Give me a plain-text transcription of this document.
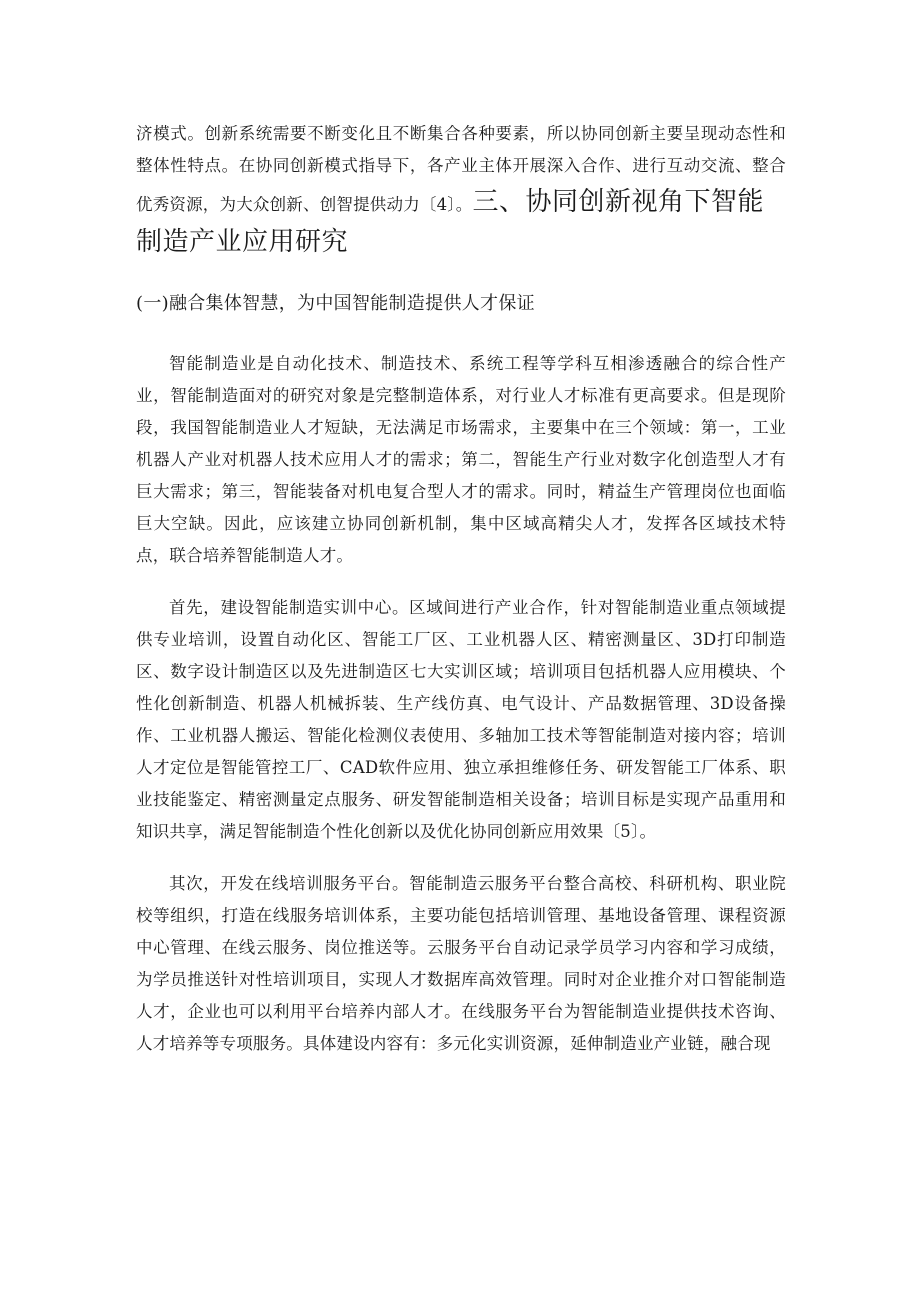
济模式。创新系统需要不断变化且不断集合各种要素，所以协同创新主要呈现动态性和整体性特点。在协同创新模式指导下，各产业主体开展深入合作、进行互动交流、整合优秀资源，为大众创新、创智提供动力〔4〕。三、协同创新视角下智能

制造产业应用研究

(一)融合集体智慧，为中国智能制造提供人才保证

智能制造业是自动化技术、制造技术、系统工程等学科互相渗透融合的综合性产业，智能制造面对的研究对象是完整制造体系，对行业人才标准有更高要求。但是现阶段，我国智能制造业人才短缺，无法满足市场需求，主要集中在三个领域：第一，工业机器人产业对机器人技术应用人才的需求；第二，智能生产行业对数字化创造型人才有巨大需求；第三，智能装备对机电复合型人才的需求。同时，精益生产管理岗位也面临巨大空缺。因此，应该建立协同创新机制，集中区域高精尖人才，发挥各区域技术特点，联合培养智能制造人才。

首先，建设智能制造实训中心。区域间进行产业合作，针对智能制造业重点领域提供专业培训，设置自动化区、智能工厂区、工业机器人区、精密测量区、3D打印制造区、数字设计制造区以及先进制造区七大实训区域；培训项目包括机器人应用模块、个性化创新制造、机器人机械拆装、生产线仿真、电气设计、产品数据管理、3D设备操作、工业机器人搬运、智能化检测仪表使用、多轴加工技术等智能制造对接内容；培训人才定位是智能管控工厂、CAD软件应用、独立承担维修任务、研发智能工厂体系、职业技能鉴定、精密测量定点服务、研发智能制造相关设备；培训目标是实现产品重用和知识共享，满足智能制造个性化创新以及优化协同创新应用效果〔5〕。

其次，开发在线培训服务平台。智能制造云服务平台整合高校、科研机构、职业院校等组织，打造在线服务培训体系，主要功能包括培训管理、基地设备管理、课程资源中心管理、在线云服务、岗位推送等。云服务平台自动记录学员学习内容和学习成绩，为学员推送针对性培训项目，实现人才数据库高效管理。同时对企业推介对口智能制造人才，企业也可以利用平台培养内部人才。在线服务平台为智能制造业提供技术咨询、人才培养等专项服务。具体建设内容有：多元化实训资源，延伸制造业产业链，融合现
